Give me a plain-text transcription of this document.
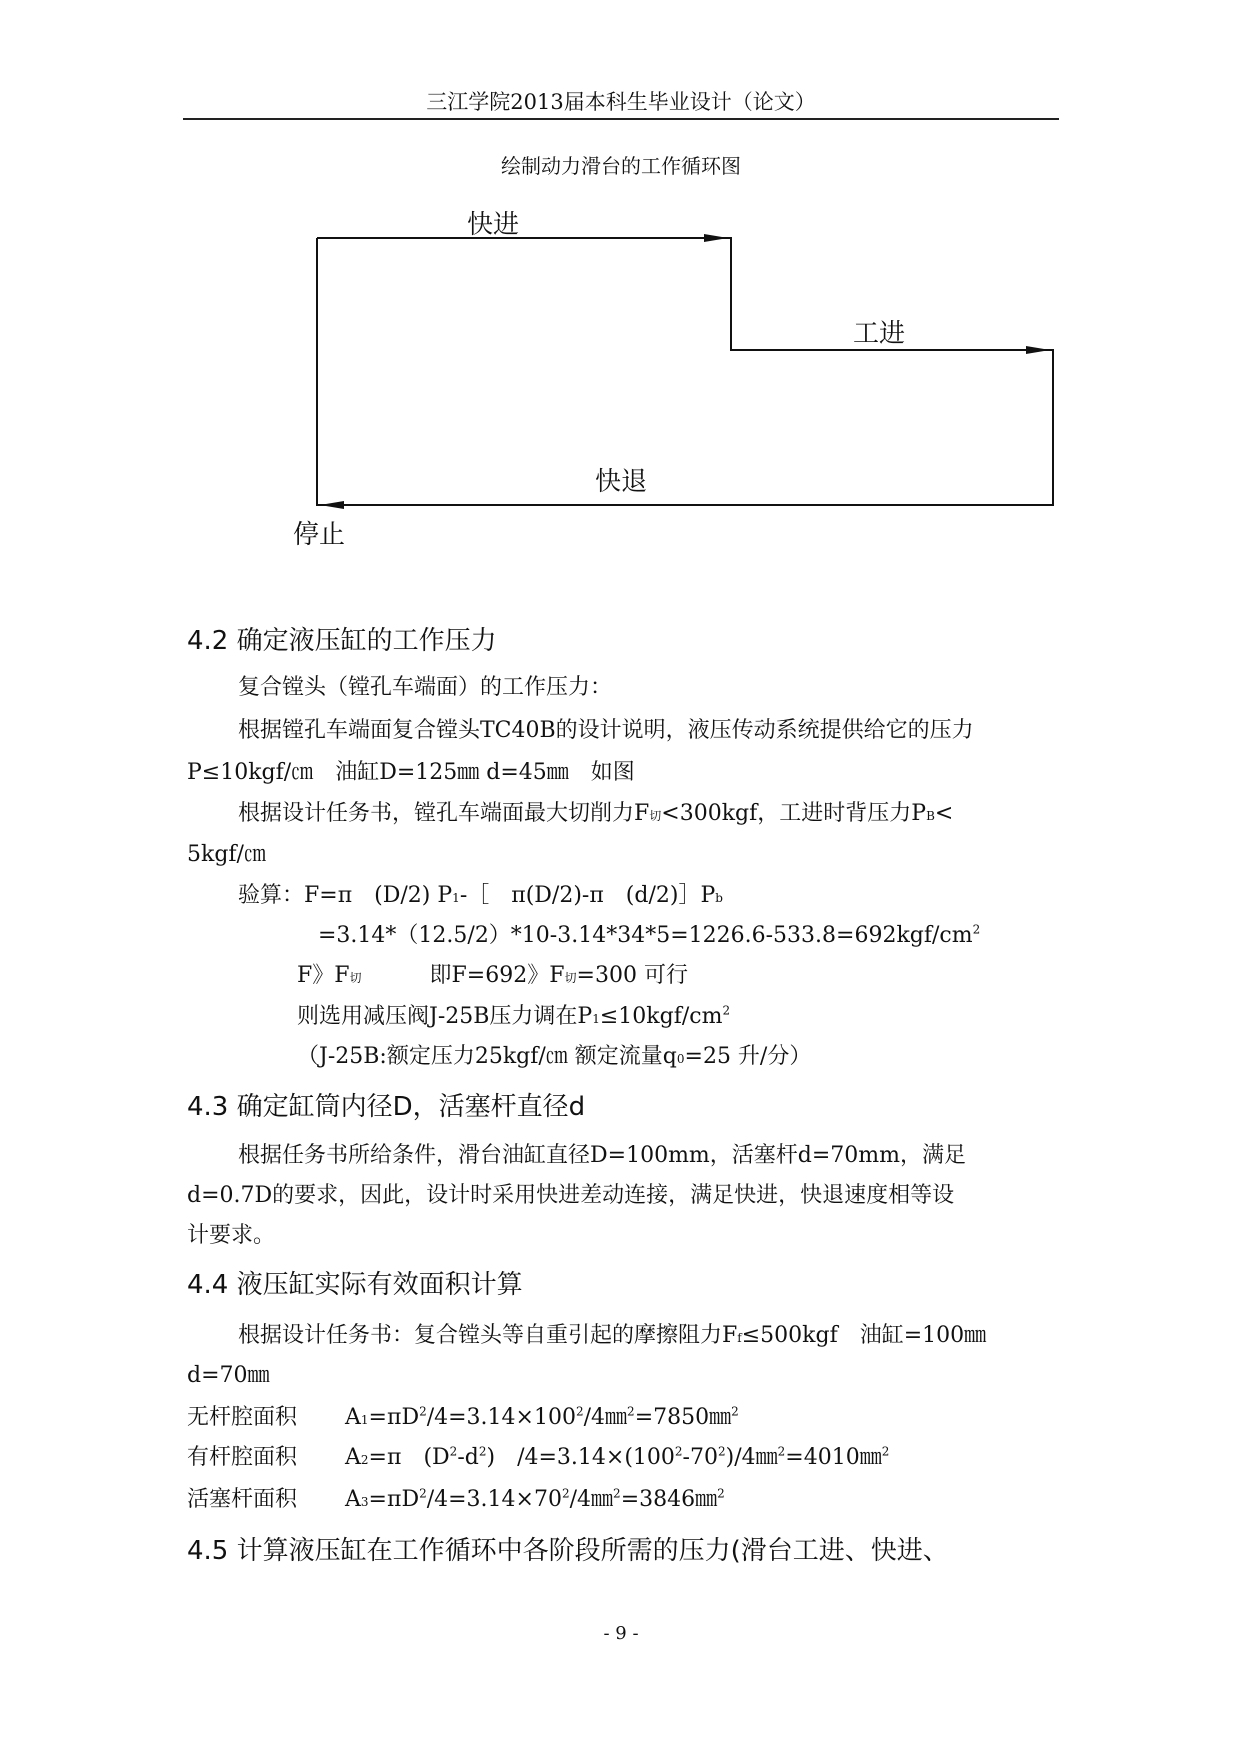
三江学院2013届本科生毕业设计（论文）
绘制动力滑台的工作循环图
快进
工进
快退
停止
4.2 确定液压缸的工作压力
复合镗头（镗孔车端面）的工作压力：
根据镗孔车端面复合镗头TC40B的设计说明，液压传动系统提供给它的压力
P≤10kgf/㎝　油缸D=125㎜ d=45㎜　如图
根据设计任务书，镗孔车端面最大切削力F切<300kgf，工进时背压力PB<
5kgf/㎝
验算：F=π　(D/2) P1-［　π(D/2)-π　(d/2)］Pb
$=3.14*(12.5/2)*10-3.14*34*5=1226.6-533.8=692kgf/cm^2$
F》F切	即F=692》F切=300 可行
则选用减压阀J-25B压力调在$P1\le 10kgf/cm^2$
（J-25B:额定压力25kgf/㎝ 额定流量q0=25 升/分）
4.3 确定缸筒内径D，活塞杆直径d
根据任务书所给条件，滑台油缸直径D=100mm，活塞杆d=70mm，满足
d=0.7D的要求，因此，设计时采用快进差动连接，满足快进，快退速度相等设
计要求。
4.4 液压缸实际有效面积计算
根据设计任务书：复合镗头等自重引起的摩擦阻力Ff≤500kgf　油缸=100㎜
d=70㎜
无杆腔面积 $A1=\pi D^2/4=3.14\times 100^2/4㎜^2=7850㎜^2$
有杆腔面积 A2=π　$(D^2-d^2)$　$/4=3.14\times(100^2-70^2)/4㎜^2=4010㎜^2$
活塞杆面积 $A3=\pi D^2/4=3.14\times 70^2/4㎜^2=3846㎜^2$
4.5 计算液压缸在工作循环中各阶段所需的压力(滑台工进、快进、
- 9 -
